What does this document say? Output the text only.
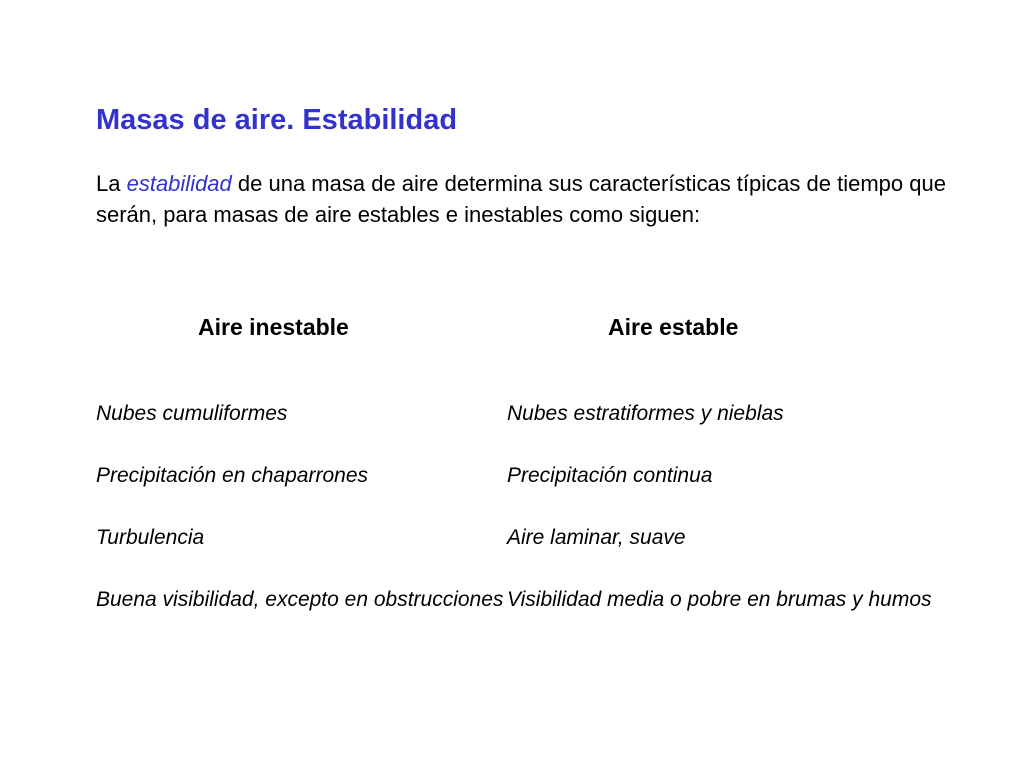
Masas de aire. Estabilidad
La estabilidad de una masa de aire determina sus características típicas de tiempo que serán, para masas de aire estables e inestables como siguen:
Aire inestable	Aire estable
Nubes cumuliformes
Precipitación en chaparrones
Turbulencia
Buena visibilidad, excepto en obstrucciones
Nubes estratiformes y nieblas
Precipitación continua
Aire laminar, suave
Visibilidad media o pobre en brumas y humos
